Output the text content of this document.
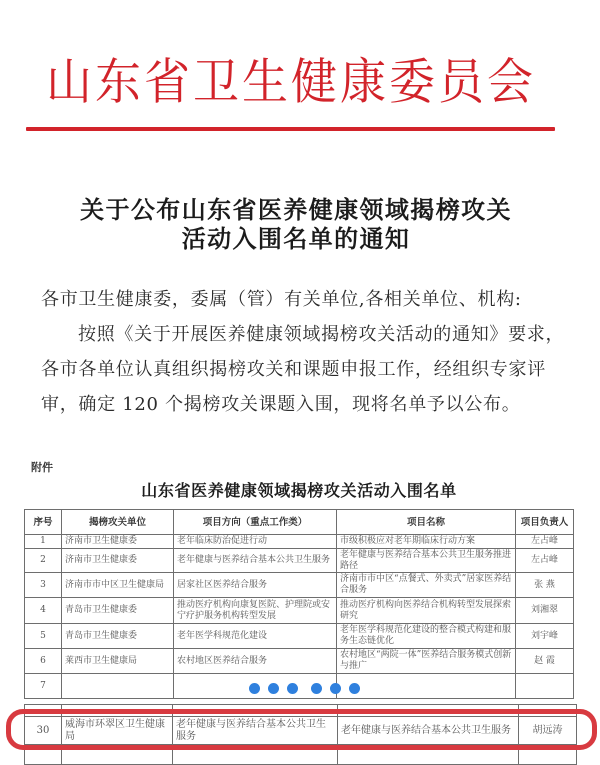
山东省卫生健康委员会
关于公布山东省医养健康领域揭榜攻关
活动入围名单的通知
各市卫生健康委，委属（管）有关单位,各相关单位、机构:
按照《关于开展医养健康领域揭榜攻关活动的通知》要求，
各市各单位认真组织揭榜攻关和课题申报工作，经组织专家评
审，确定 120 个揭榜攻关课题入围，现将名单予以公布。
附件
山东省医养健康领域揭榜攻关活动入围名单
序号	揭榜攻关单位	项目方向（重点工作类）	项目名称	项目负责人

1	济南市卫生健康委	老年临床防治促进行动	市级积极应对老年期临床行动方案	左占峰

2	济南市卫生健康委	老年健康与医养结合基本公共卫生服务	老年健康与医养结合基本公共卫生服务推进路径	左占峰

3	济南市市中区卫生健康局	居家社区医养结合服务	济南市市中区“点餐式、外卖式”居家医养结合服务	张 燕

4	青岛市卫生健康委	推动医疗机构向康复医院、护理院或安宁疗护服务机构转型发展	推动医疗机构向医养结合机构转型发展探索研究	刘湘翠

5	青岛市卫生健康委	老年医学科规范化建设	老年医学科规范化建设的整合模式构建和服务生态链优化	刘宇峰

6	莱西市卫生健康局	农村地区医养结合服务	农村地区“两院一体”医养结合服务模式创新与推广	赵 霞

7				

30	威海市环翠区卫生健康局	老年健康与医养结合基本公共卫生服务	老年健康与医养结合基本公共卫生服务	胡远涛
